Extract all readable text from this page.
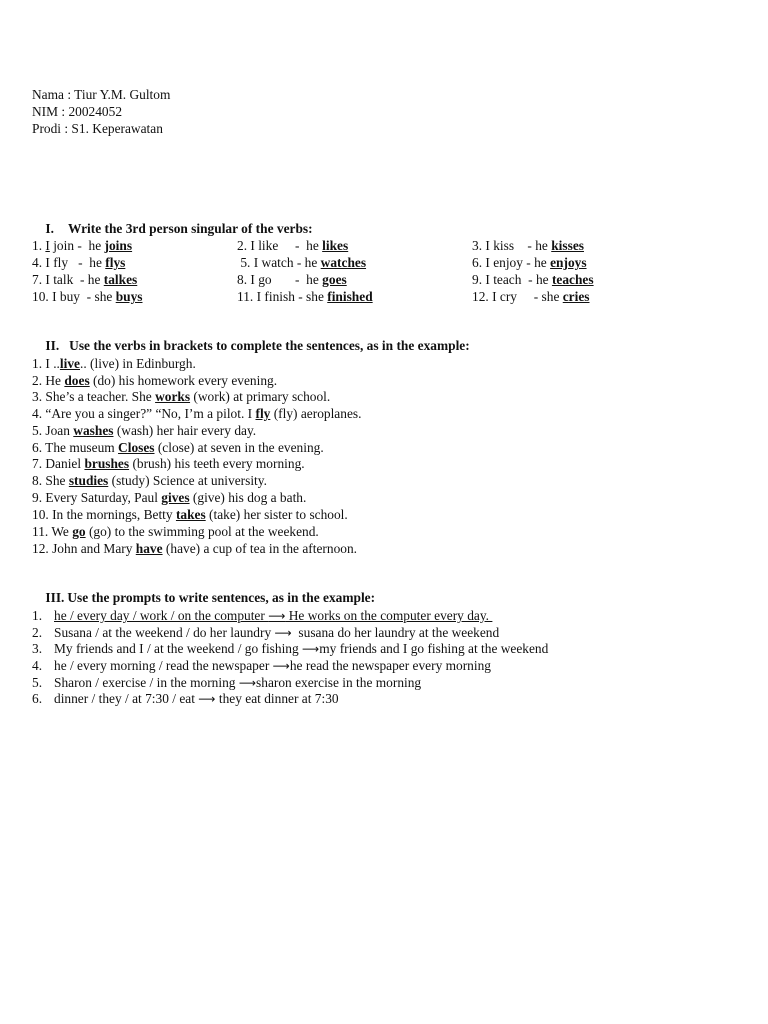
Nama : Tiur Y.M. Gultom
NIM : 20024052
Prodi : S1. Keperawatan

I. Write the 3rd person singular of the verbs:

1. I join -  he joins
4. I fly   -  he flys
7. I talk  - he talkes
10. I buy  - she buys
2. I like     -  he likes
5. I watch - he watches
8. I go       -  he goes
11. I finish - she finished
3. I kiss    - he kisses
6. I enjoy - he enjoys
9. I teach  - he teaches
12. I cry     - she cries

II. Use the verbs in brackets to complete the sentences, as in the example:

1. I ..live.. (live) in Edinburgh.
2. He does (do) his homework every evening.
3. She’s a teacher. She works (work) at primary school.
4. “Are you a singer?” “No, I’m a pilot. I fly (fly) aeroplanes.
5. Joan washes (wash) her hair every day.
6. The museum Closes (close) at seven in the evening.
7. Daniel brushes (brush) his teeth every morning.
8. She studies (study) Science at university.
9. Every Saturday, Paul gives (give) his dog a bath.
10. In the mornings, Betty takes (take) her sister to school.
11. We go (go) to the swimming pool at the weekend.
12. John and Mary have (have) a cup of tea in the afternoon.

III. Use the prompts to write sentences, as in the example:

1. he / every day / work / on the computer ⟶ He works on the computer every day.
2. Susana / at the weekend / do her laundry ⟶  susana do her laundry at the weekend
3. My friends and I / at the weekend / go fishing ⟶my friends and I go fishing at the weekend
4. he / every morning / read the newspaper ⟶he read the newspaper every morning
5. Sharon / exercise / in the morning ⟶sharon exercise in the morning
6. dinner / they / at 7:30 / eat ⟶ they eat dinner at 7:30
